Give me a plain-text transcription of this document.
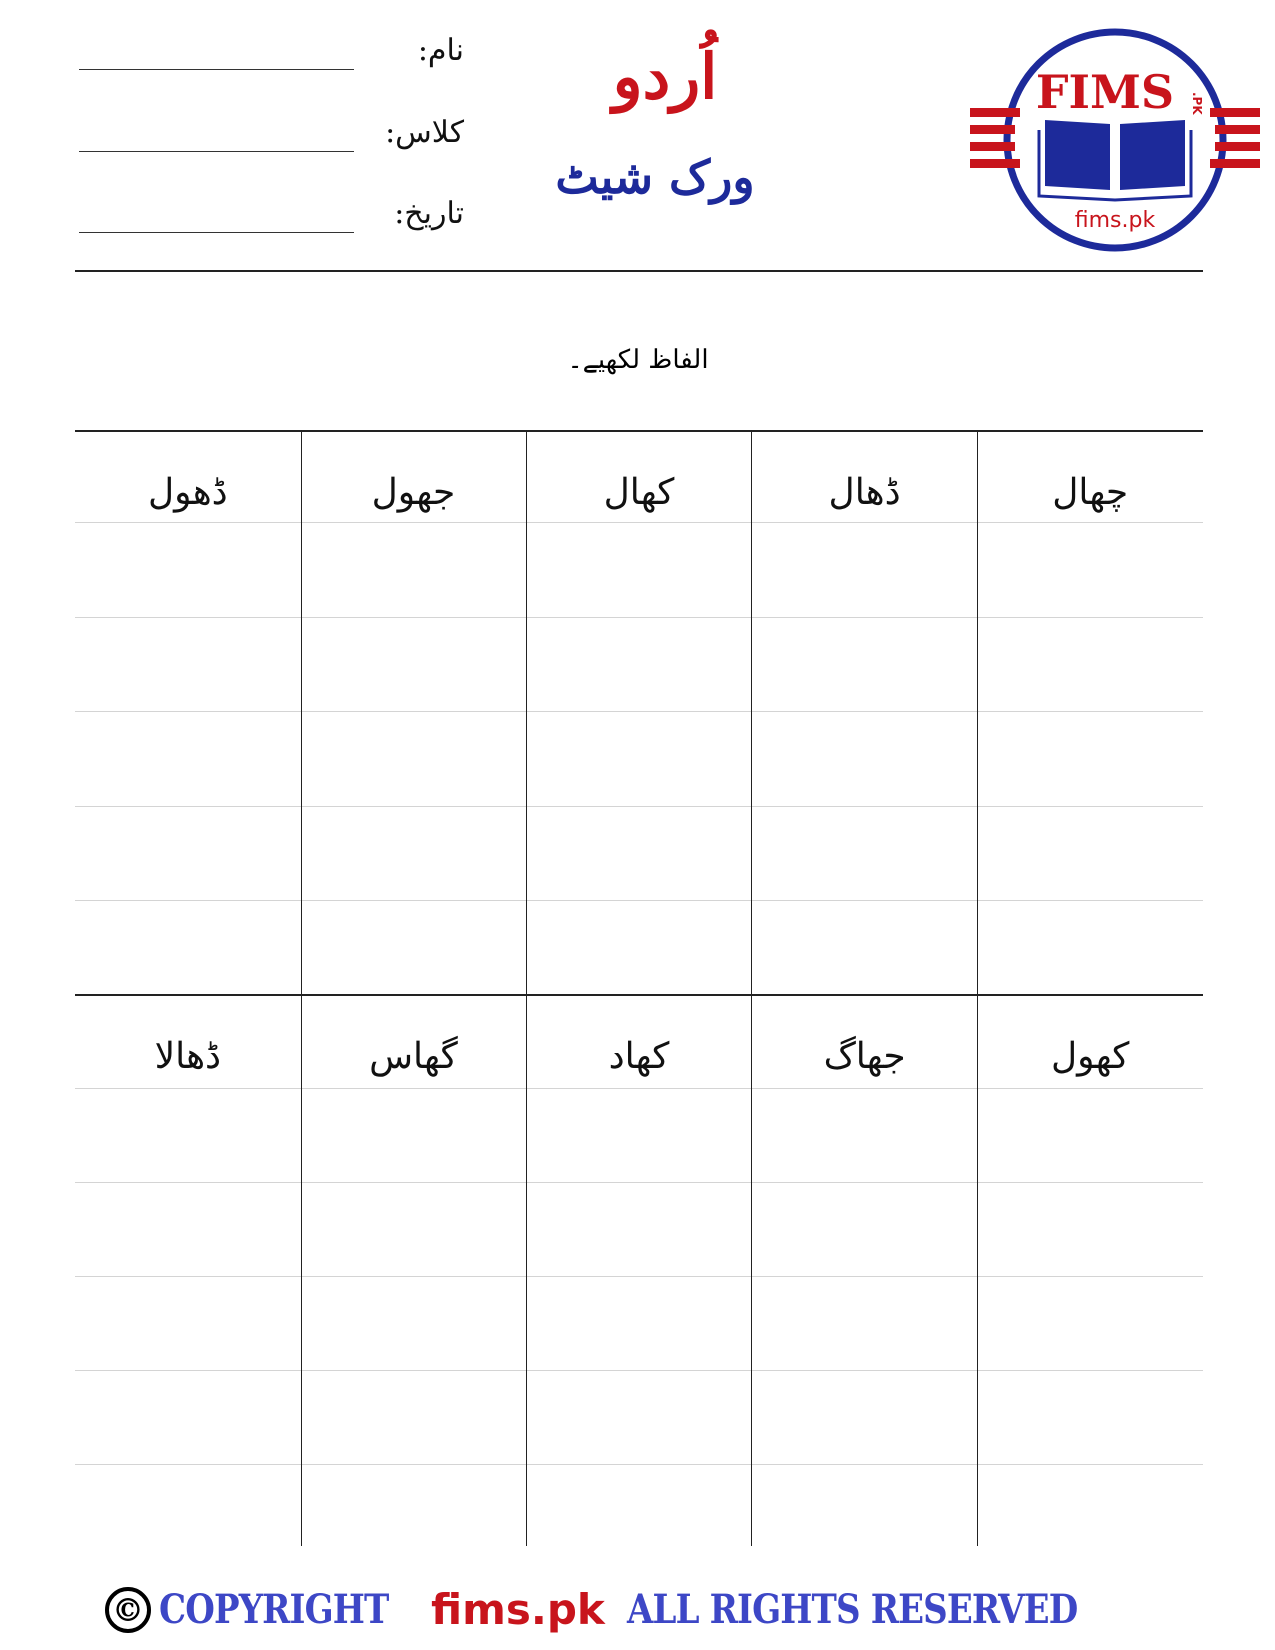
نام:
کلاس:
تاریخ:
اُردو
ورک شیٹ
FIMS .PK
fims.pk
الفاظ لکھیے۔
چھال
ڈھال
کھال
جھول
ڈھول
کھول
جھاگ
کھاد
گھاس
ڈھالا
© COPYRIGHT fims.pk ALL RIGHTS RESERVED
